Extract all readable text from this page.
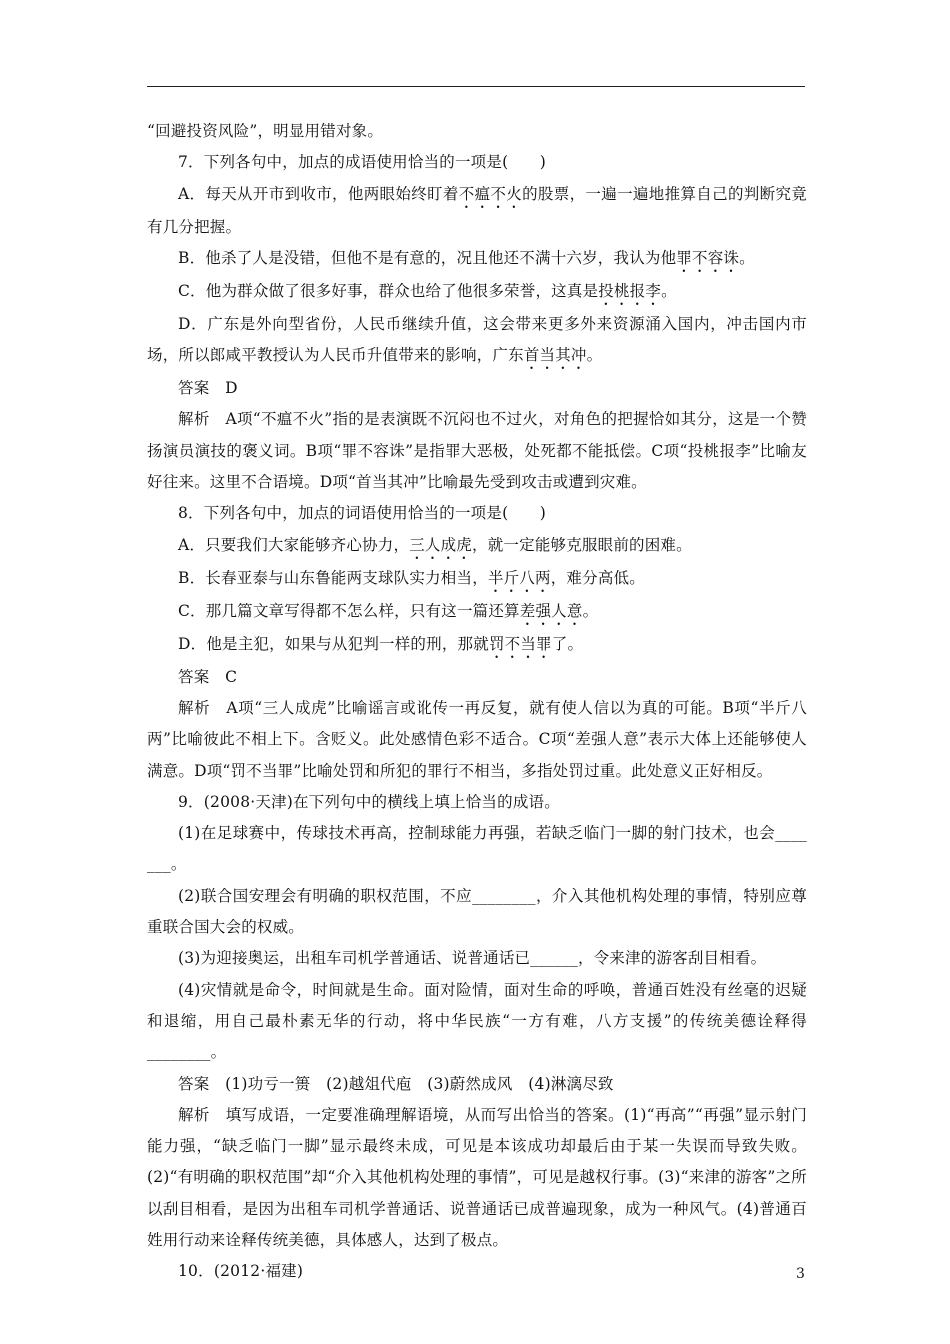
“回避投资风险”，明显用错对象。

7．下列各句中，加点的成语使用恰当的一项是(　　)

A．每天从开市到收市，他两眼始终盯着不瘟不火的股票，一遍一遍地推算自己的判断究竟有几分把握。

B．他杀了人是没错，但他不是有意的，况且他还不满十六岁，我认为他罪不容诛。

C．他为群众做了很多好事，群众也给了他很多荣誉，这真是投桃报李。

D．广东是外向型省份，人民币继续升值，这会带来更多外来资源涌入国内，冲击国内市场，所以郎咸平教授认为人民币升值带来的影响，广东首当其冲。

答案　D

解析　A项“不瘟不火”指的是表演既不沉闷也不过火，对角色的把握恰如其分，这是一个赞扬演员演技的褒义词。B项“罪不容诛”是指罪大恶极，处死都不能抵偿。C项“投桃报李”比喻友好往来。这里不合语境。D项“首当其冲”比喻最先受到攻击或遭到灾难。

8．下列各句中，加点的词语使用恰当的一项是(　　)

A．只要我们大家能够齐心协力，三人成虎，就一定能够克服眼前的困难。

B．长春亚泰与山东鲁能两支球队实力相当，半斤八两，难分高低。

C．那几篇文章写得都不怎么样，只有这一篇还算差强人意。

D．他是主犯，如果与从犯判一样的刑，那就罚不当罪了。

答案　C

解析　A项“三人成虎”比喻谣言或讹传一再反复，就有使人信以为真的可能。B项“半斤八两”比喻彼此不相上下。含贬义。此处感情色彩不适合。C项“差强人意”表示大体上还能够使人满意。D项“罚不当罪”比喻处罚和所犯的罪行不相当，多指处罚过重。此处意义正好相反。

9．(2008·天津)在下列句中的横线上填上恰当的成语。

(1)在足球赛中，传球技术再高，控制球能力再强，若缺乏临门一脚的射门技术，也会____ ___。

(2)联合国安理会有明确的职权范围，不应________，介入其他机构处理的事情，特别应尊重联合国大会的权威。

(3)为迎接奥运，出租车司机学普通话、说普通话已______，令来津的游客刮目相看。

(4)灾情就是命令，时间就是生命。面对险情，面对生命的呼唤，普通百姓没有丝毫的迟疑和退缩，用自己最朴素无华的行动，将中华民族“一方有难，八方支援”的传统美德诠释得________。

答案　(1)功亏一篑　(2)越俎代庖　(3)蔚然成风　(4)淋漓尽致

解析　填写成语，一定要准确理解语境，从而写出恰当的答案。(1)“再高”“再强”显示射门能力强，“缺乏临门一脚”显示最终未成，可见是本该成功却最后由于某一失误而导致失败。(2)“有明确的职权范围”却“介入其他机构处理的事情”，可见是越权行事。(3)“来津的游客”之所以刮目相看，是因为出租车司机学普通话、说普通话已成普遍现象，成为一种风气。(4)普通百姓用行动来诠释传统美德，具体感人，达到了极点。

10．(2012·福建)	3
